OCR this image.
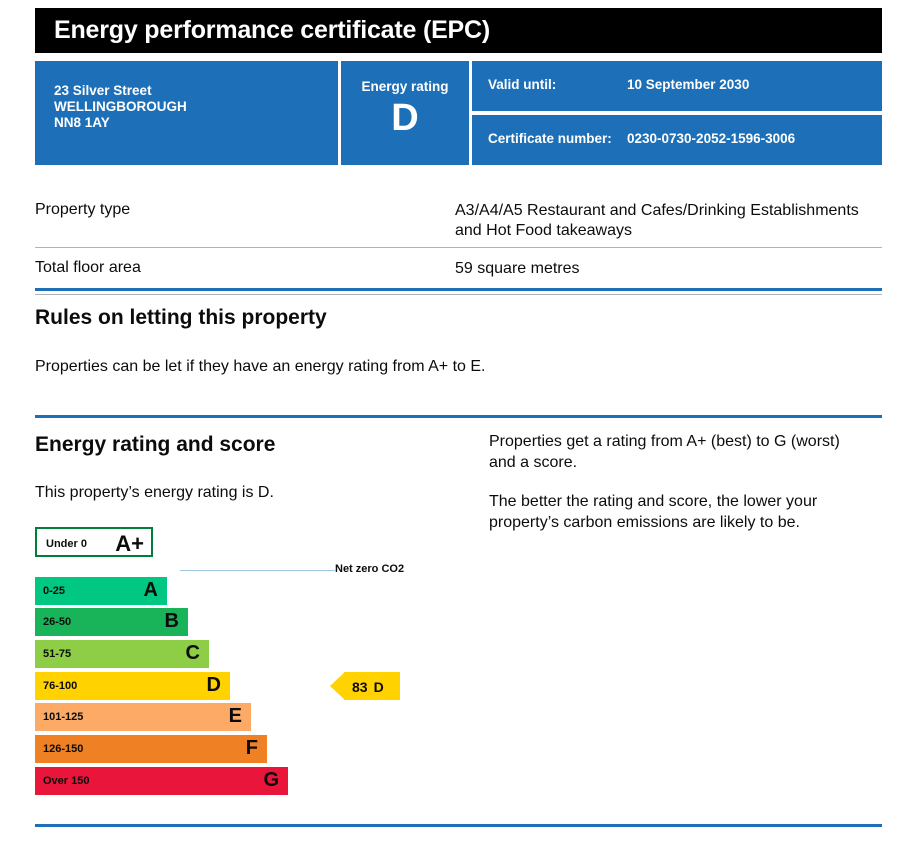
Energy performance certificate (EPC)
23 Silver Street
WELLINGBOROUGH
NN8 1AY
Energy rating
D
Valid until:	10 September 2030
Certificate number: 0230-0730-2052-1596-3006
Property type	A3/A4/A5 Restaurant and Cafes/Drinking Establishments and Hot Food takeaways
Total floor area	59 square metres
Rules on letting this property
Properties can be let if they have an energy rating from A+ to E.
Energy rating and score
This property’s energy rating is D.

Properties get a rating from A+ (best) to G (worst) and a score.

The better the rating and score, the lower your property’s carbon emissions are likely to be.

Under 0 A+
Net zero CO2
0-25	A
26-50	B
51-75	C
76-100	D
101-125	E
126-150	F
Over 150	G
83 D
